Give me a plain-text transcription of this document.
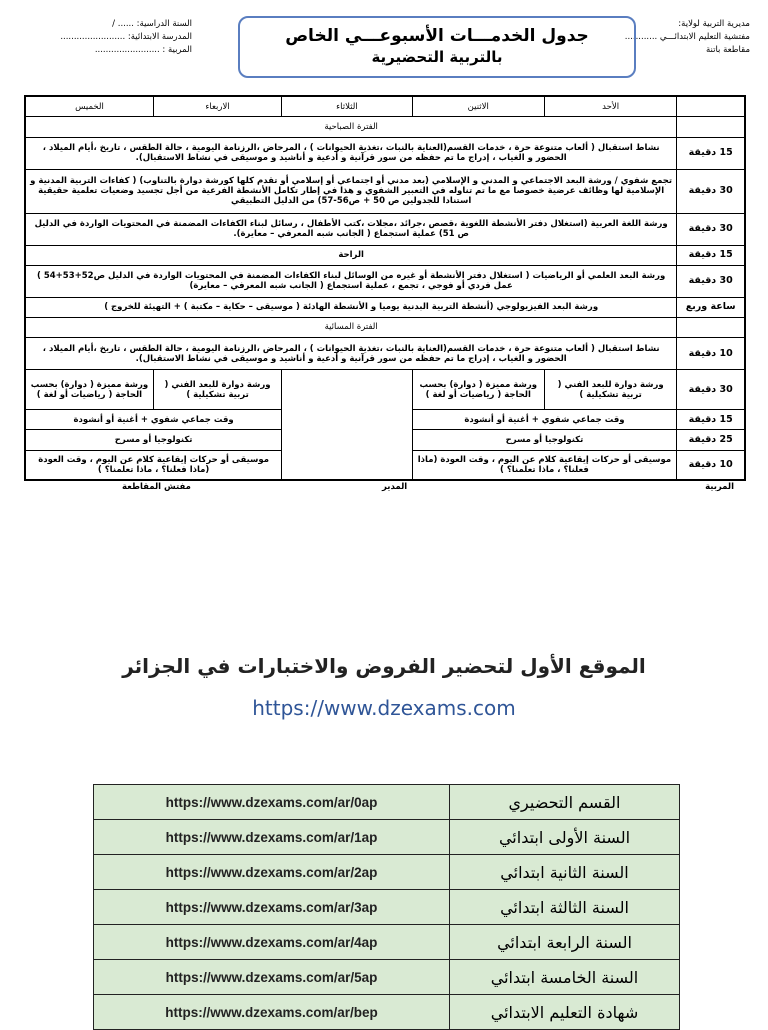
مديرية التربية لولاية:
مفتشية التعليم الابتدائـــي ............
مقاطعة باتنة
السنة الدراسية: ...... /
المدرسة الابتدائية: ........................
المربية : ........................
جدول الخدمـــات الأسبوعـــي الخاص
بالتربية التحضيرية
	الأحد	الاثنين	الثلاثاء	الاربعاء	الخميس
	الفترة الصباحية				
15 دقيقة	نشاط استقبال ( ألعاب متنوعة حرة ، خدمات القسم(العناية بالنبات ،تغذية الحيوانات ) ، المرحاض ،الرزنامة اليومية ، حالة الطقس ، تاريخ ،أيام الميلاد ، الحضور و الغياب ، إدراج ما تم حفظه من سور قرآنية و أدعية و أناشيد و موسيقى في نشاط الاستقبال).				
30 دقيقة	تجمع شفوي / ورشة البعد الاجتماعي و المدني و الإسلامي (بعد مدني أو اجتماعي أو إسلامي أو تقدم كلها كورشة دوارة بالتناوب) ( كفاءات التربية المدنية و الإسلامية لها وظائف عرضية خصوصا مع ما تم تناوله في التعبير الشفوي و هذا في إطار تكامل الأنشطة الفرعية من أجل تجسيد وضعيات تعلمية حقيقية استنادا للجدولين ص 50 + ص56-57) من الدليل التطبيقي				
30 دقيقة	ورشة اللغة العربية (استغلال دفتر الأنشطة اللغوية ،قصص ،جرائد ،مجلات ،كتب الأطفال ، رسائل لبناء الكفاءات المضمنة في المحتويات الواردة في الدليل ص 51) عملية استجماع ( الجانب شبه المعرفي – معايرة).				
15 دقيقة	الراحة				
30 دقيقة	ورشة البعد العلمي أو الرياضيات ( استغلال دفتر الأنشطة أو غيره من الوسائل لبناء الكفاءات المضمنة في المحتويات الواردة في الدليل ص52+53+54 ) عمل فردي أو فوجي ، تجمع ، عملية استجماع ( الجانب شبه المعرفي – معايرة)				
ساعة وربع	ورشة البعد الفيزيولوجي (أنشطة التربية البدنية يوميا و الأنشطة الهادئة ( موسيقى – حكاية – مكتبة ) + التهيئة للخروج )				
	الفترة المسائية				
10 دقيقة	نشاط استقبال ( ألعاب متنوعة حرة ، خدمات القسم(العناية بالنبات ،تغذية الحيوانات ) ، المرحاض ،الرزنامة اليومية ، حالة الطقس ، تاريخ ،أيام الميلاد ، الحضور و الغياب ، إدراج ما تم حفظه من سور قرآنية و أدعية و أناشيد و موسيقى في نشاط الاستقبال).				
30 دقيقة	ورشة دوارة للبعد الفني ( تربية تشكيلية )	ورشة مميزة ( دوارة) بحسب الحاجة ( رياضيات أو لغة )		ورشة دوارة للبعد الفني ( تربية تشكيلية )	ورشة مميزة ( دوارة) بحسب الحاجة ( رياضيات أو لغة )
15 دقيقة	وقت جماعي شفوي + أغنية أو أنشودة			وقت جماعي شفوي + أغنية أو أنشودة	
25 دقيقة	تكنولوجيا أو مسرح			تكنولوجيا أو مسرح	
10 دقيقة	موسيقى أو حركات إيقاعية كلام عن اليوم ، وقت العودة (ماذا فعلنا؟ ، ماذا تعلمنا؟ )			موسيقى أو حركات إيقاعية كلام عن اليوم ، وقت العودة (ماذا فعلنا؟ ، ماذا تعلمنا؟ )	
المربية
المدير
مفتش المقاطعة
الموقع الأول لتحضير الفروض والاختبارات في الجزائر
https://www.dzexams.com
https://www.dzexams.com/ar/0ap	القسم التحضيري
https://www.dzexams.com/ar/1ap	السنة الأولى ابتدائي
https://www.dzexams.com/ar/2ap	السنة الثانية ابتدائي
https://www.dzexams.com/ar/3ap	السنة الثالثة ابتدائي
https://www.dzexams.com/ar/4ap	السنة الرابعة ابتدائي
https://www.dzexams.com/ar/5ap	السنة الخامسة ابتدائي
https://www.dzexams.com/ar/bep	شهادة التعليم الابتدائي
